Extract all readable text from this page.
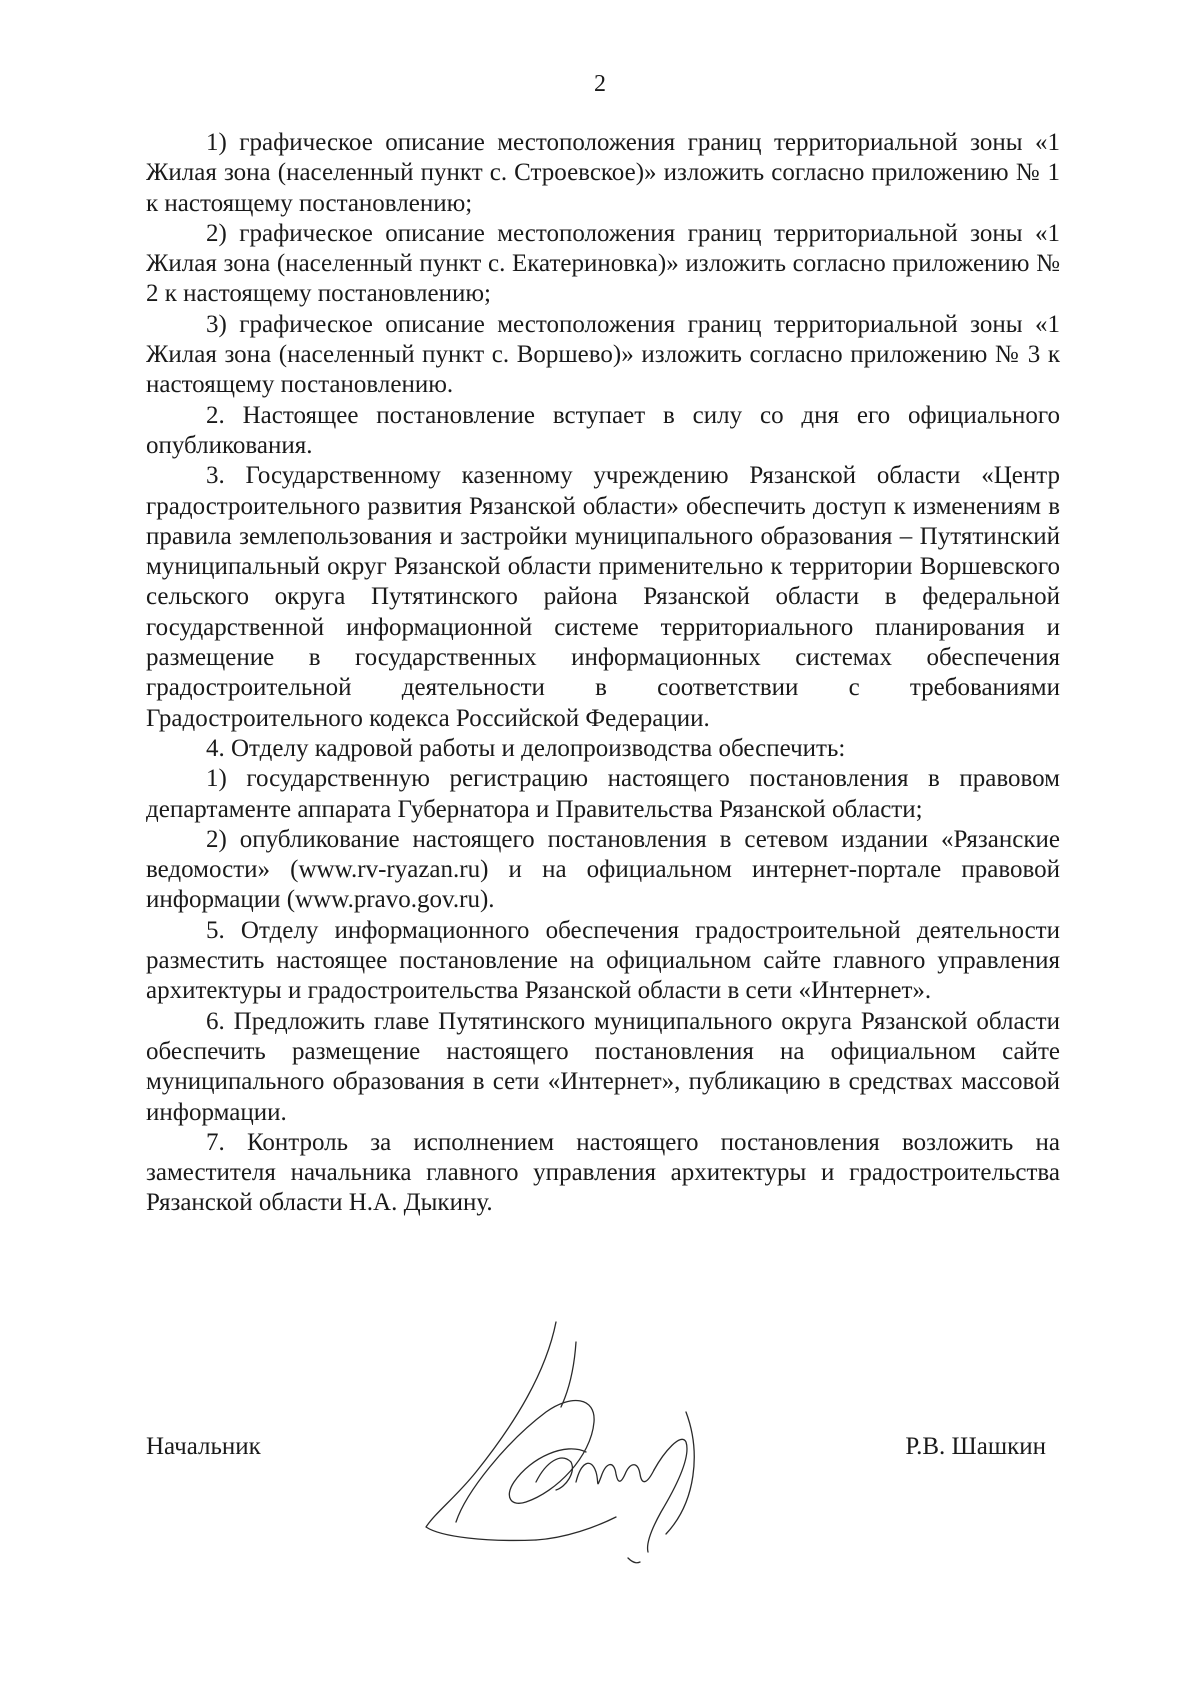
2

1) графическое описание местоположения границ территориальной зоны «1 Жилая зона (населенный пункт с. Строевское)» изложить согласно приложению № 1 к настоящему постановлению;

2) графическое описание местоположения границ территориальной зоны «1 Жилая зона (населенный пункт с. Екатериновка)» изложить согласно приложению № 2 к настоящему постановлению;

3) графическое описание местоположения границ территориальной зоны «1 Жилая зона (населенный пункт с. Воршево)» изложить согласно приложению № 3 к настоящему постановлению.

2. Настоящее постановление вступает в силу со дня его официального опубликования.

3. Государственному казенному учреждению Рязанской области «Центр градостроительного развития Рязанской области» обеспечить доступ к изменениям в правила землепользования и застройки муниципального образования – Путятинский муниципальный округ Рязанской области применительно к территории Воршевского сельского округа Путятинского района Рязанской области в федеральной государственной информационной системе территориального планирования и размещение в государственных информационных системах обеспечения градостроительной деятельности в соответствии с требованиями Градостроительного кодекса Российской Федерации.

4. Отделу кадровой работы и делопроизводства обеспечить:

1) государственную регистрацию настоящего постановления в правовом департаменте аппарата Губернатора и Правительства Рязанской области;

2) опубликование настоящего постановления в сетевом издании «Рязанские ведомости» (www.rv-ryazan.ru) и на официальном интернет-портале правовой информации (www.pravo.gov.ru).

5. Отделу информационного обеспечения градостроительной деятельности разместить настоящее постановление на официальном сайте главного управления архитектуры и градостроительства Рязанской области в сети «Интернет».

6. Предложить главе Путятинского муниципального округа Рязанской области обеспечить размещение настоящего постановления на официальном сайте муниципального образования в сети «Интернет», публикацию в средствах массовой информации.

7. Контроль за исполнением настоящего постановления возложить на заместителя начальника главного управления архитектуры и градостроительства Рязанской области Н.А. Дыкину.

Начальник	Р.В. Шашкин
